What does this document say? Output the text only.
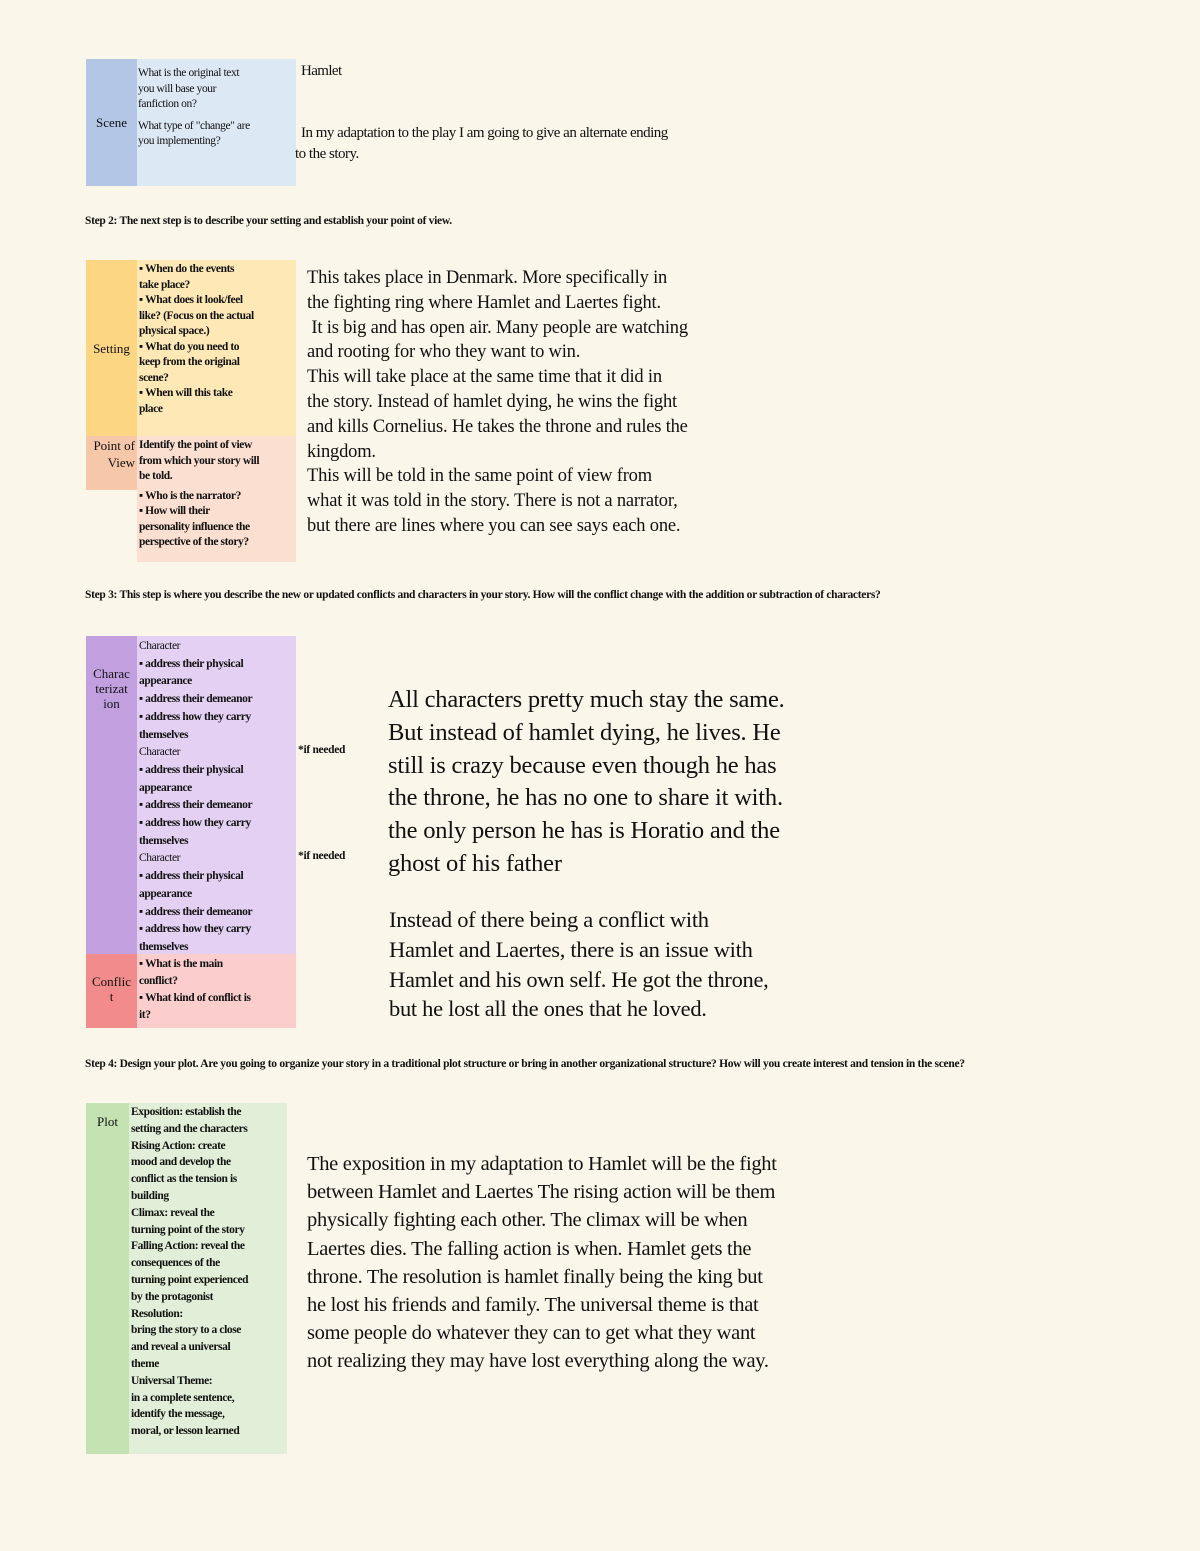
Scene
What is the original text
you will base your
fanfiction on?
What type of "change" are
you implementing?
Hamlet
In my adaptation to the play I am going to give an alternate ending
to the story.
Step 2: The next step is to describe your setting and establish your point of view.
Setting
▪ When do the events
take place?
▪ What does it look/feel
like? (Focus on the actual
physical space.)
▪ What do you need to
keep from the original
scene?
▪ When will this take
place
Point of
View
Identify the point of view
from which your story will
be told.
▪ Who is the narrator?
▪ How will their
personality influence the
perspective of the story?
This takes place in Denmark. More specifically in
the fighting ring where Hamlet and Laertes fight.
It is big and has open air. Many people are watching
and rooting for who they want to win.
This will take place at the same time that it did in
the story. Instead of hamlet dying, he wins the fight
and kills Cornelius. He takes the throne and rules the
kingdom.
This will be told in the same point of view from
what it was told in the story. There is not a narrator,
but there are lines where you can see says each one.
Step 3: This step is where you describe the new or updated conflicts and characters in your story. How will the conflict change with the addition or subtraction of characters?
Charac
terizat
ion
Character
▪ address their physical
appearance
▪ address their demeanor
▪ address how they carry
themselves
Character
▪ address their physical
appearance
▪ address their demeanor
▪ address how they carry
themselves
Character
▪ address their physical
appearance
▪ address their demeanor
▪ address how they carry
themselves
*if needed
*if needed
All characters pretty much stay the same.
But instead of hamlet dying, he lives. He
still is crazy because even though he has
the throne, he has no one to share it with.
the only person he has is Horatio and the
ghost of his father
Conflic
t
▪ What is the main
conflict?
▪ What kind of conflict is
it?
Instead of there being a conflict with
Hamlet and Laertes, there is an issue with
Hamlet and his own self. He got the throne,
but he lost all the ones that he loved.
Step 4: Design your plot. Are you going to organize your story in a traditional plot structure or bring in another organizational structure? How will you create interest and tension in the scene?
Plot
Exposition: establish the
setting and the characters
Rising Action: create
mood and develop the
conflict as the tension is
building
Climax: reveal the
turning point of the story
Falling Action: reveal the
consequences of the
turning point experienced
by the protagonist
Resolution:
bring the story to a close
and reveal a universal
theme
Universal Theme:
in a complete sentence,
identify the message,
moral, or lesson learned
The exposition in my adaptation to Hamlet will be the fight
between Hamlet and Laertes The rising action will be them
physically fighting each other. The climax will be when
Laertes dies. The falling action is when. Hamlet gets the
throne. The resolution is hamlet finally being the king but
he lost his friends and family. The universal theme is that
some people do whatever they can to get what they want
not realizing they may have lost everything along the way.
